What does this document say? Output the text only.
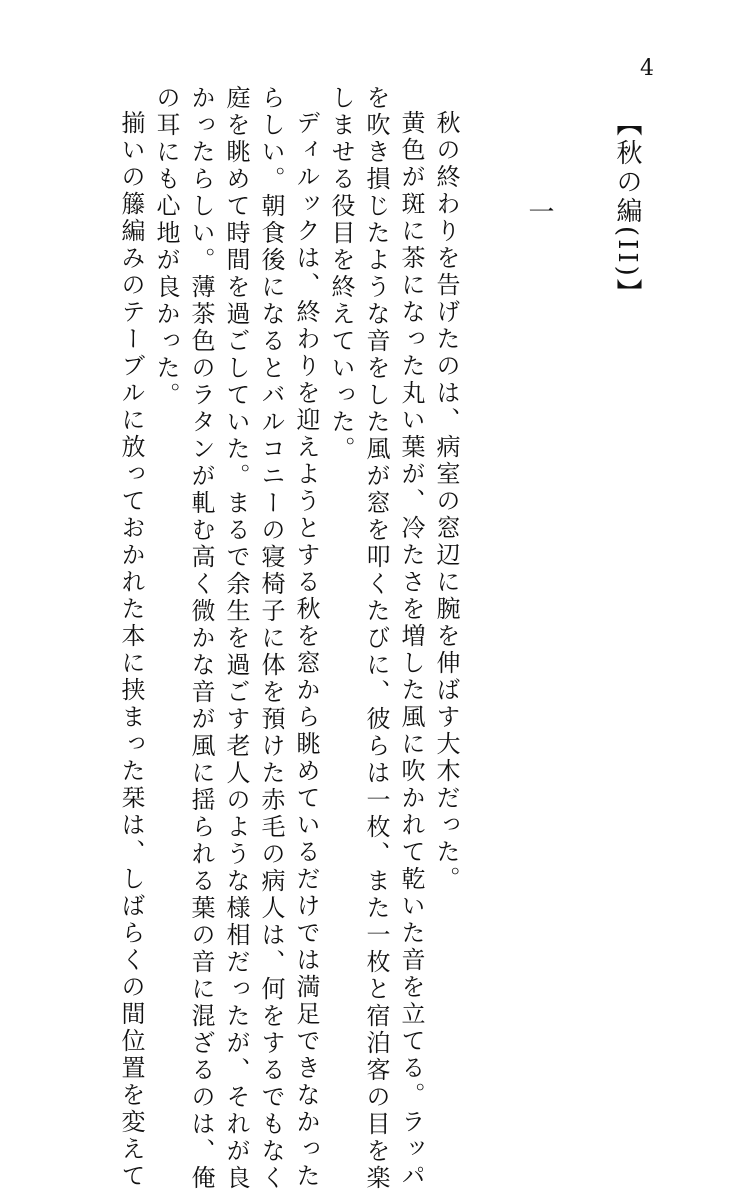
4
【秋の編(II)】
一
秋の終わりを告げたのは、病室の窓辺に腕を伸ばす大木だった。
黄色が斑に茶になった丸い葉が、冷たさを増した風に吹かれて乾いた音を立てる。ラッパ
を吹き損じたような音をした風が窓を叩くたびに、彼らは一枚、また一枚と宿泊客の目を楽
しませる役目を終えていった。
ディルックは、終わりを迎えようとする秋を窓から眺めているだけでは満足できなかった
らしい。朝食後になるとバルコニーの寝椅子に体を預けた赤毛の病人は、何をするでもなく
庭を眺めて時間を過ごしていた。まるで余生を過ごす老人のような様相だったが、それが良
かったらしい。薄茶色のラタンが軋む高く微かな音が風に揺られる葉の音に混ざるのは、俺
の耳にも心地が良かった。
揃いの籐編みのテーブルに放っておかれた本に挟まった栞は、しばらくの間位置を変えて
